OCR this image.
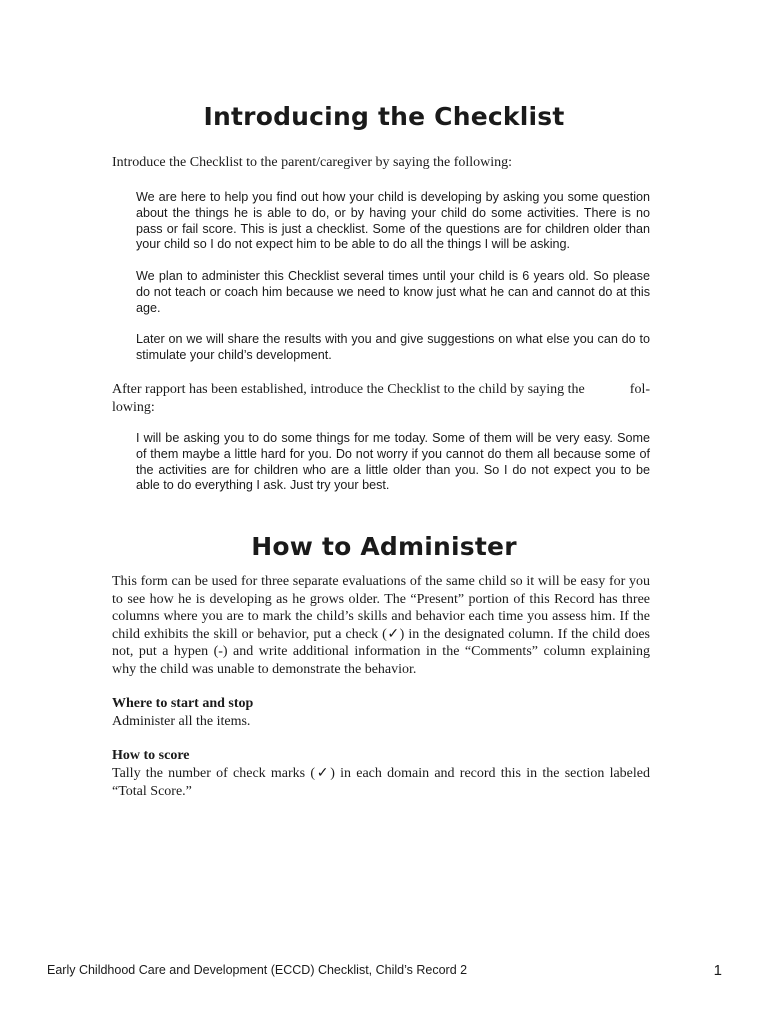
Introducing the Checklist

Introduce the Checklist to the parent/caregiver by saying the following:

We are here to help you find out how your child is developing by asking you some question about the things he is able to do, or by having your child do some activities. There is no pass or fail score. This is just a checklist. Some of the questions are for children older than your child so I do not expect him to be able to do all the things I will be asking.

We plan to administer this Checklist several times until your child is 6 years old. So please do not teach or coach him because we need to know just what he can and cannot do at this age.

Later on we will share the results with you and give suggestions on what else you can do to stimulate your child’s development.

After rapport has been established, introduce the Checklist to the child by saying the	fol-
lowing:

I will be asking you to do some things for me today. Some of them will be very easy. Some of them maybe a little hard for you. Do not worry if you cannot do them all because some of the activities are for children who are a little older than you. So I do not expect you to be able to do everything I ask. Just try your best.

How to Administer

This form can be used for three separate evaluations of the same child so it will be easy for you to see how he is developing as he grows older. The “Present” portion of this Record has three columns where you are to mark the child’s skills and behavior each time you assess him. If the child exhibits the skill or behavior, put a check (✓) in the designated column. If the child does not, put a hypen (-) and write additional information in the “Comments” column explaining why the child was unable to demonstrate the behavior.

Where to start and stop

Administer all the items.

How to score

Tally the number of check marks (✓) in each domain and record this in the section labeled “Total Score.”

Early Childhood Care and Development (ECCD) Checklist, Child’s Record 2	1
